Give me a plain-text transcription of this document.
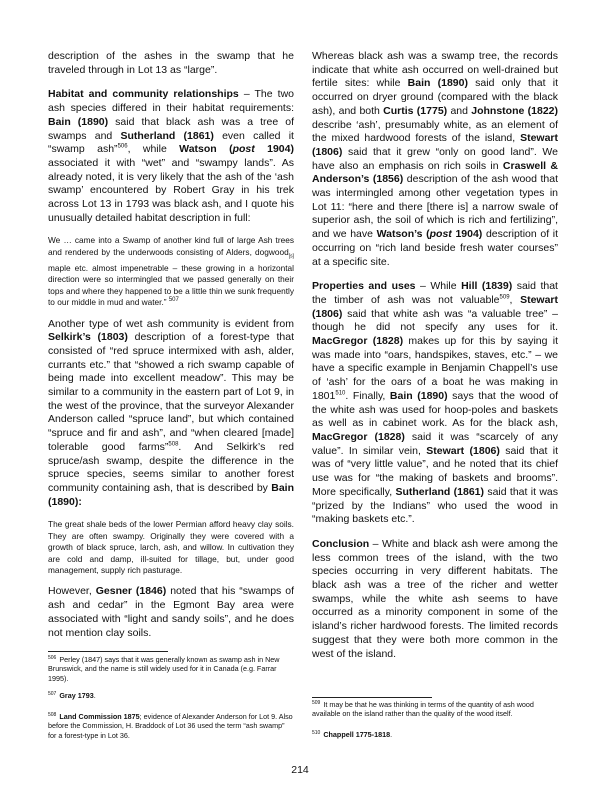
description of the ashes in the swamp that he traveled through in Lot 13 as “large”.

Habitat and community relationships – The two ash species differed in their habitat requirements: Bain (1890) said that black ash was a tree of swamps and Sutherland (1861) even called it “swamp ash”$^{506}$, while Watson (post 1904) associated it with “wet” and “swampy lands”. As already noted, it is very likely that the ash of the ‘ash swamp’ encountered by Robert Gray in his trek across Lot 13 in 1793 was black ash, and I quote his unusually detailed habitat description in full:

We … came into a Swamp of another kind full of large Ash trees and rendered by the underwoods consisting of Alders, dogwood$_{[s]}$ maple etc. almost impenetrable – these growing in a horizontal direction were so intermingled that we passed generally on their tops and where they happened to be a little thin we sunk frequently to our middle in mud and water.” $^{507}$

Another type of wet ash community is evident from Selkirk’s (1803) description of a forest-type that consisted of “red spruce intermixed with ash, alder, currants etc.” that “showed a rich swamp capable of being made into excellent meadow”. This may be similar to a community in the eastern part of Lot 9, in the west of the province, that the surveyor Alexander Anderson called “spruce land”, but which contained “spruce and fir and ash”, and “when cleared [made] tolerable good farms”$^{508}$. And Selkirk’s red spruce/ash swamp, despite the difference in the spruce species, seems similar to another forest community containing ash, that is described by Bain (1890):

The great shale beds of the lower Permian afford heavy clay soils. They are often swampy. Originally they were covered with a growth of black spruce, larch, ash, and willow. In cultivation they are cold and damp, ill-suited for tillage, but, under good management, supply rich pasturage.

However, Gesner (1846) noted that his “swamps of ash and cedar” in the Egmont Bay area were associated with “light and sandy soils”, and he does not mention clay soils.

Whereas black ash was a swamp tree, the records indicate that white ash occurred on well-drained but fertile sites: while Bain (1890) said only that it occurred on dryer ground (compared with the black ash), and both Curtis (1775) and Johnstone (1822) describe ‘ash’, presumably white, as an element of the mixed hardwood forests of the island, Stewart (1806) said that it grew “only on good land”. We have also an emphasis on rich soils in Craswell & Anderson’s (1856) description of the ash wood that was intermingled among other vegetation types in Lot 11: “here and there [there is] a narrow swale of superior ash, the soil of which is rich and fertilizing”, and we have Watson’s (post 1904) description of it occurring on “rich land beside fresh water courses” at a specific site.

Properties and uses – While Hill (1839) said that the timber of ash was not valuable$^{509}$, Stewart (1806) said that white ash was “a valuable tree” – though he did not specify any uses for it. MacGregor (1828) makes up for this by saying it was made into “oars, handspikes, staves, etc.” – we have a specific example in Benjamin Chappell’s use of ‘ash’ for the oars of a boat he was making in 1801$^{510}$. Finally, Bain (1890) says that the wood of the white ash was used for hoop-poles and baskets as well as in cabinet work. As for the black ash, MacGregor (1828) said it was “scarcely of any value”. In similar vein, Stewart (1806) said that it was of “very little value”, and he noted that its chief use was for “the making of baskets and brooms”. More specifically, Sutherland (1861) said that it was “prized by the Indians” who used the wood in “making baskets etc.”.

Conclusion – White and black ash were among the less common trees of the island, with the two species occurring in very different habitats. The black ash was a tree of the richer and wetter swamps, while the white ash seems to have occurred as a minority component in some of the island’s richer hardwood forests. The limited records suggest that they were both more common in the west of the island.

$^{506}$ Perley (1847) says that it was generally known as swamp ash in New Brunswick, and the name is still widely used for it in Canada (e.g. Farrar 1995).
$^{507}$ Gray 1793.
$^{508}$ Land Commission 1875; evidence of Alexander Anderson for Lot 9. Also before the Commission, H. Braddock of Lot 36 used the term “ash swamp” for a forest-type in Lot 36.
$^{509}$ It may be that he was thinking in terms of the quantity of ash wood available on the island rather than the quality of the wood itself.
$^{510}$ Chappell 1775-1818.
214
